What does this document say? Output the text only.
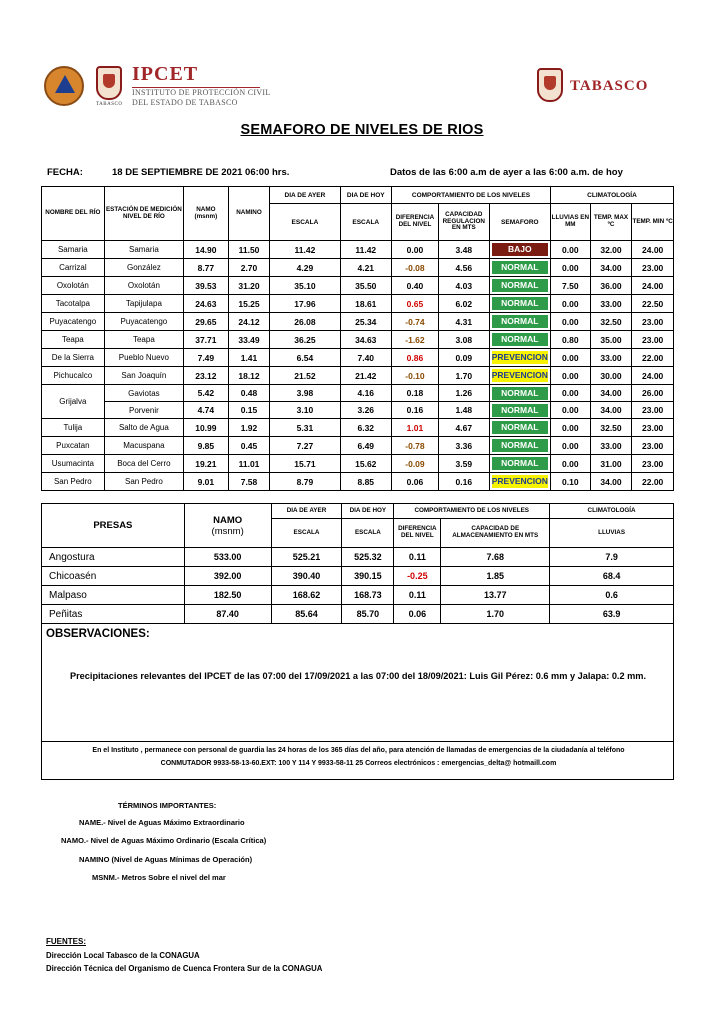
TABASCO
IPCET
INSTITUTO DE PROTECCIÓN CIVIL
DEL ESTADO DE TABASCO
TABASCO
SEMAFORO DE NIVELES DE RIOS
FECHA:	18 DE SEPTIEMBRE DE 2021 06:00 hrs.	Datos de las 6:00 a.m de ayer a las 6:00 a.m. de hoy
NOMBRE DEL RÍO	ESTACIÓN DE MEDICIÓN NIVEL DE RÍO	NAMO (msnm)	NAMINO	DIA DE AYER	DIA DE HOY	COMPORTAMIENTO DE LOS NIVELES			CLIMATOLOGÍA		
				ESCALA	ESCALA	DIFERENCIA DEL NIVEL	CAPACIDAD REGULACION EN MTS	SEMAFORO	LLUVIAS EN MM	TEMP. MAX ºC	TEMP. MIN ºC
Samaria	Samaria	14.90	11.50	11.42	11.42	0.00	3.48	BAJO	0.00	32.00	24.00
Carrizal	González	8.77	2.70	4.29	4.21	-0.08	4.56	NORMAL	0.00	34.00	23.00
Oxolotán	Oxolotán	39.53	31.20	35.10	35.50	0.40	4.03	NORMAL	7.50	36.00	24.00
Tacotalpa	Tapijulapa	24.63	15.25	17.96	18.61	0.65	6.02	NORMAL	0.00	33.00	22.50
Puyacatengo	Puyacatengo	29.65	24.12	26.08	25.34	-0.74	4.31	NORMAL	0.00	32.50	23.00
Teapa	Teapa	37.71	33.49	36.25	34.63	-1.62	3.08	NORMAL	0.80	35.00	23.00
De la Sierra	Pueblo Nuevo	7.49	1.41	6.54	7.40	0.86	0.09	PREVENCION	0.00	33.00	22.00
Pichucalco	San Joaquín	23.12	18.12	21.52	21.42	-0.10	1.70	PREVENCION	0.00	30.00	24.00
Grijalva	Gaviotas	5.42	0.48	3.98	4.16	0.18	1.26	NORMAL	0.00	34.00	26.00
	Porvenir	4.74	0.15	3.10	3.26	0.16	1.48	NORMAL	0.00	34.00	23.00
Tulija	Salto de Agua	10.99	1.92	5.31	6.32	1.01	4.67	NORMAL	0.00	32.50	23.00
Puxcatan	Macuspana	9.85	0.45	7.27	6.49	-0.78	3.36	NORMAL	0.00	33.00	23.00
Usumacinta	Boca del Cerro	19.21	11.01	15.71	15.62	-0.09	3.59	NORMAL	0.00	31.00	23.00
San Pedro	San Pedro	9.01	7.58	8.79	8.85	0.06	0.16	PREVENCION	0.10	34.00	22.00
PRESAS	NAMO
(msnm)	DIA DE AYER	DIA DE HOY	COMPORTAMIENTO DE LOS NIVELES		CLIMATOLOGÍA
		ESCALA	ESCALA	DIFERENCIA DEL NIVEL	CAPACIDAD DE ALMACENAMIENTO EN MTS	LLUVIAS
Angostura	533.00	525.21	525.32	0.11	7.68	7.9
Chicoasén	392.00	390.40	390.15	-0.25	1.85	68.4
Malpaso	182.50	168.62	168.73	0.11	13.77	0.6
Peñitas	87.40	85.64	85.70	0.06	1.70	63.9
OBSERVACIONES:
Precipitaciones relevantes del IPCET de las 07:00 del 17/09/2021 a las 07:00 del 18/09/2021: Luis Gil Pérez: 0.6 mm y Jalapa: 0.2 mm.
En el Instituto , permanece con personal de guardia las 24 horas de los 365 días del año, para atención de llamadas de emergencias de la ciudadanía al teléfono
CONMUTADOR 9933-58-13-60.EXT: 100 Y 114 Y 9933-58-11 25 Correos electrónicos : emergencias_delta@ hotmaill.com
TÉRMINOS IMPORTANTES:
NAME.- Nivel de Aguas Máximo Extraordinario
NAMO.- Nivel de Aguas Máximo Ordinario (Escala Crítica)
NAMINO (Nivel de Aguas Mínimas de Operación)
MSNM.- Metros Sobre el nivel del mar
FUENTES:
Dirección Local Tabasco de la CONAGUA
Dirección Técnica del Organismo de Cuenca Frontera Sur de la CONAGUA
